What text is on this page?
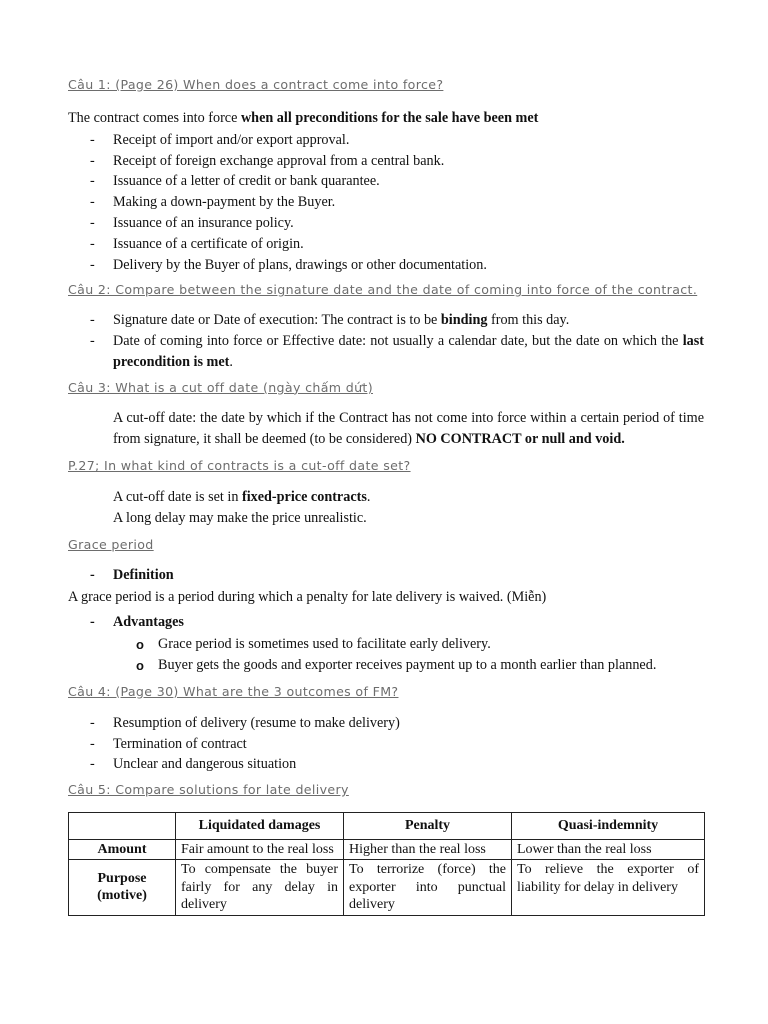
Câu 1: (Page 26) When does a contract come into force?

The contract comes into force when all preconditions for the sale have been met

- Receipt of import and/or export approval.
- Receipt of foreign exchange approval from a central bank.
- Issuance of a letter of credit or bank quarantee.
- Making a down-payment by the Buyer.
- Issuance of an insurance policy.
- Issuance of a certificate of origin.
- Delivery by the Buyer of plans, drawings or other documentation.

Câu 2: Compare between the signature date and the date of coming into force of the contract.

- Signature date or Date of execution: The contract is to be binding from this day.
- Date of coming into force or Effective date: not usually a calendar date, but the date on which the last precondition is met.

Câu 3: What is a cut off date (ngày chấm dứt)

A cut-off date: the date by which if the Contract has not come into force within a certain period of time from signature, it shall be deemed (to be considered) NO CONTRACT or null and void.

P.27; In what kind of contracts is a cut-off date set?

A cut-off date is set in fixed-price contracts.

A long delay may make the price unrealistic.

Grace period

- Definition

A grace period is a period during which a penalty for late delivery is waived. (Miễn)

- Advantages
o Grace period is sometimes used to facilitate early delivery.
o Buyer gets the goods and exporter receives payment up to a month earlier than planned.

Câu 4: (Page 30) What are the 3 outcomes of FM?

- Resumption of delivery (resume to make delivery)
- Termination of contract
- Unclear and dangerous situation

Câu 5: Compare solutions for late delivery

	Liquidated damages	Penalty	Quasi-indemnity
Amount	Fair amount to the real loss	Higher than the real loss	Lower than the real loss
Purpose (motive)	To compensate the buyer fairly for any delay in delivery	To terrorize (force) the exporter into punctual delivery	To relieve the exporter of liability for delay in delivery
